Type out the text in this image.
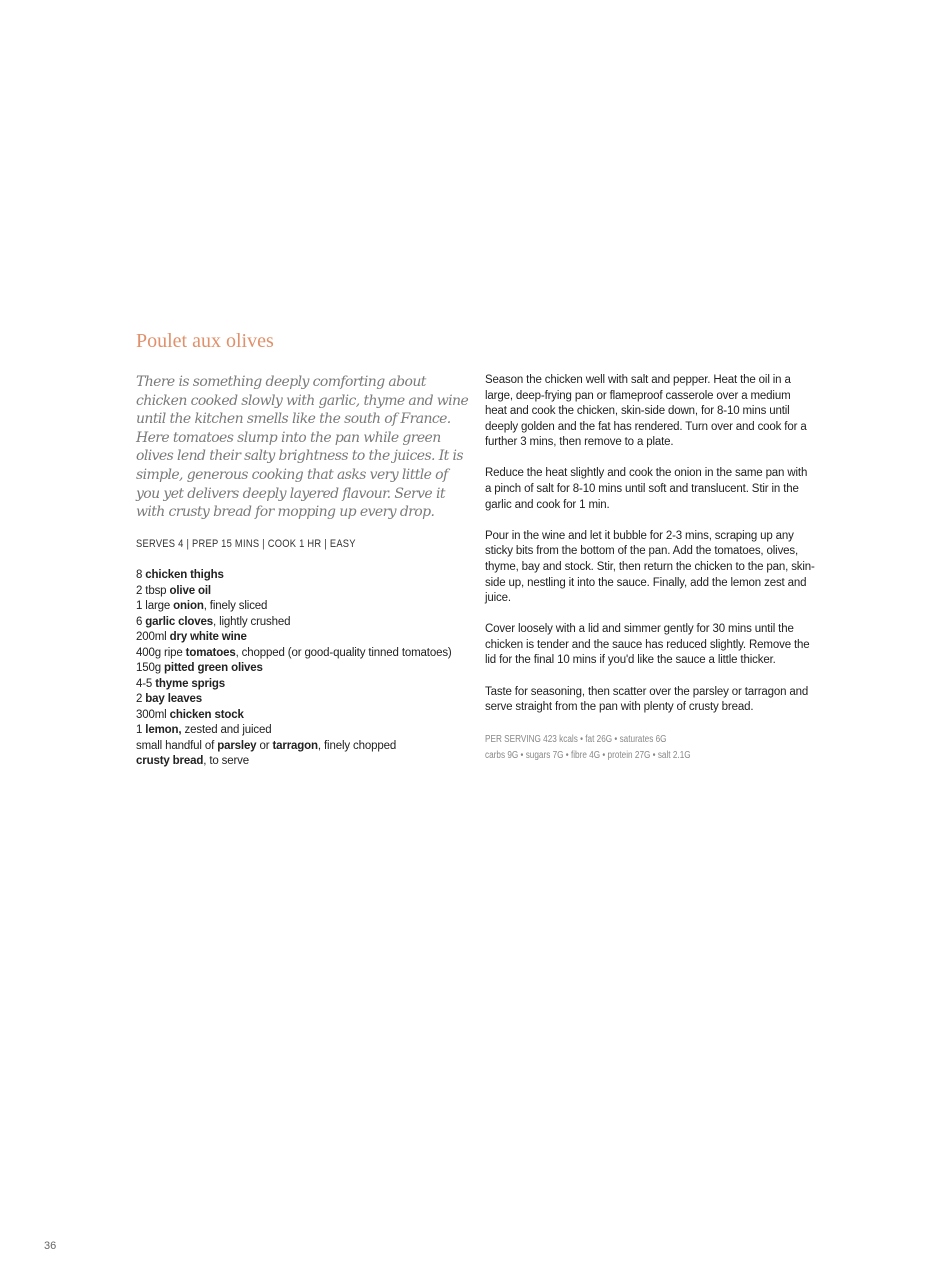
Poulet aux olives

There is something deeply comforting about chicken cooked slowly with garlic, thyme and wine until the kitchen smells like the south of France. Here tomatoes slump into the pan while green olives lend their salty brightness to the juices. It is simple, generous cooking that asks very little of you yet delivers deeply layered flavour. Serve it with crusty bread for mopping up every drop.

SERVES 4 | PREP 15 MINS | COOK 1 HR | EASY
8 chicken thighs
2 tbsp olive oil
1 large onion, finely sliced
6 garlic cloves, lightly crushed
200ml dry white wine
400g ripe tomatoes, chopped (or good-quality tinned tomatoes)
150g pitted green olives
4-5 thyme sprigs
2 bay leaves
300ml chicken stock
1 lemon, zested and juiced
small handful of parsley or tarragon, finely chopped
crusty bread, to serve

Season the chicken well with salt and pepper. Heat the oil in a large, deep-frying pan or flameproof casserole over a medium heat and cook the chicken, skin-side down, for 8-10 mins until deeply golden and the fat has rendered. Turn over and cook for a further 3 mins, then remove to a plate.

Reduce the heat slightly and cook the onion in the same pan with a pinch of salt for 8-10 mins until soft and translucent. Stir in the garlic and cook for 1 min.

Pour in the wine and let it bubble for 2-3 mins, scraping up any sticky bits from the bottom of the pan. Add the tomatoes, olives, thyme, bay and stock. Stir, then return the chicken to the pan, skin-side up, nestling it into the sauce. Finally, add the lemon zest and juice.

Cover loosely with a lid and simmer gently for 30 mins until the chicken is tender and the sauce has reduced slightly. Remove the lid for the final 10 mins if you'd like the sauce a little thicker.

Taste for seasoning, then scatter over the parsley or tarragon and serve straight from the pan with plenty of crusty bread.

PER SERVING 423 kcals • fat 26G • saturates 6G
carbs 9G • sugars 7G • fibre 4G • protein 27G • salt 2.1G
36
